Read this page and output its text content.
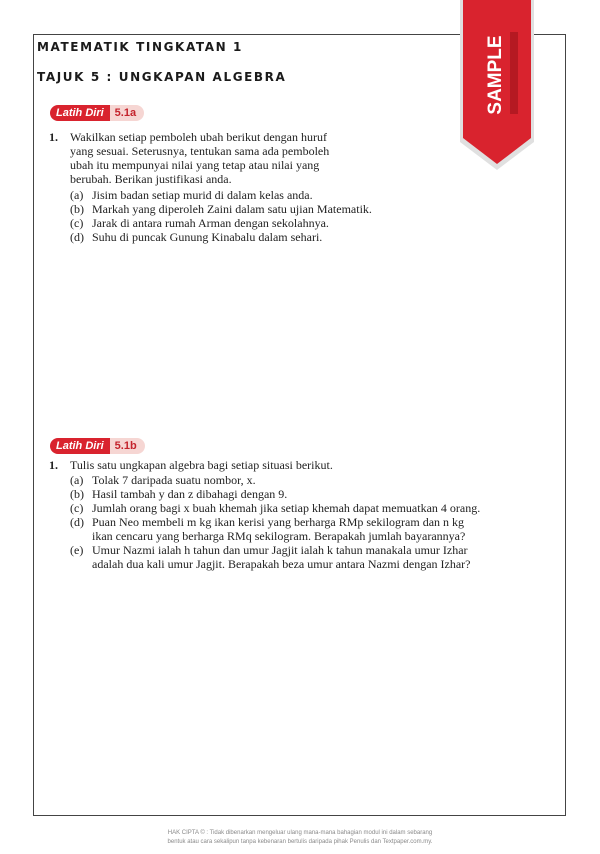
MATEMATIK TINGKATAN 1
TAJUK 5 : UNGKAPAN ALGEBRA	SAMPLE
Latih Diri	5.1a
1. Wakilkan setiap pemboleh ubah berikut dengan huruf
yang sesuai. Seterusnya, tentukan sama ada pemboleh
ubah itu mempunyai nilai yang tetap atau nilai yang
berubah. Berikan justifikasi anda.
(a) Jisim badan setiap murid di dalam kelas anda.
(b) Markah yang diperoleh Zaini dalam satu ujian Matematik.
(c) Jarak di antara rumah Arman dengan sekolahnya.
(d) Suhu di puncak Gunung Kinabalu dalam sehari.
Latih Diri	5.1b
1. Tulis satu ungkapan algebra bagi setiap situasi berikut.
(a) Tolak 7 daripada suatu nombor, x.
(b) Hasil tambah y dan z dibahagi dengan 9.
(c) Jumlah orang bagi x buah khemah jika setiap khemah dapat memuatkan 4 orang.
(d) Puan Neo membeli m kg ikan kerisi yang berharga RMp sekilogram dan n kg
ikan cencaru yang berharga RMq sekilogram. Berapakah jumlah bayarannya?
(e) Umur Nazmi ialah h tahun dan umur Jagjit ialah k tahun manakala umur Izhar
adalah dua kali umur Jagjit. Berapakah beza umur antara Nazmi dengan Izhar?
HAK CIPTA © : Tidak dibenarkan mengeluar ulang mana-mana bahagian modul ini dalam sebarang
bentuk atau cara sekalipun tanpa kebenaran bertulis daripada pihak Penulis dan Textpaper.com.my.
